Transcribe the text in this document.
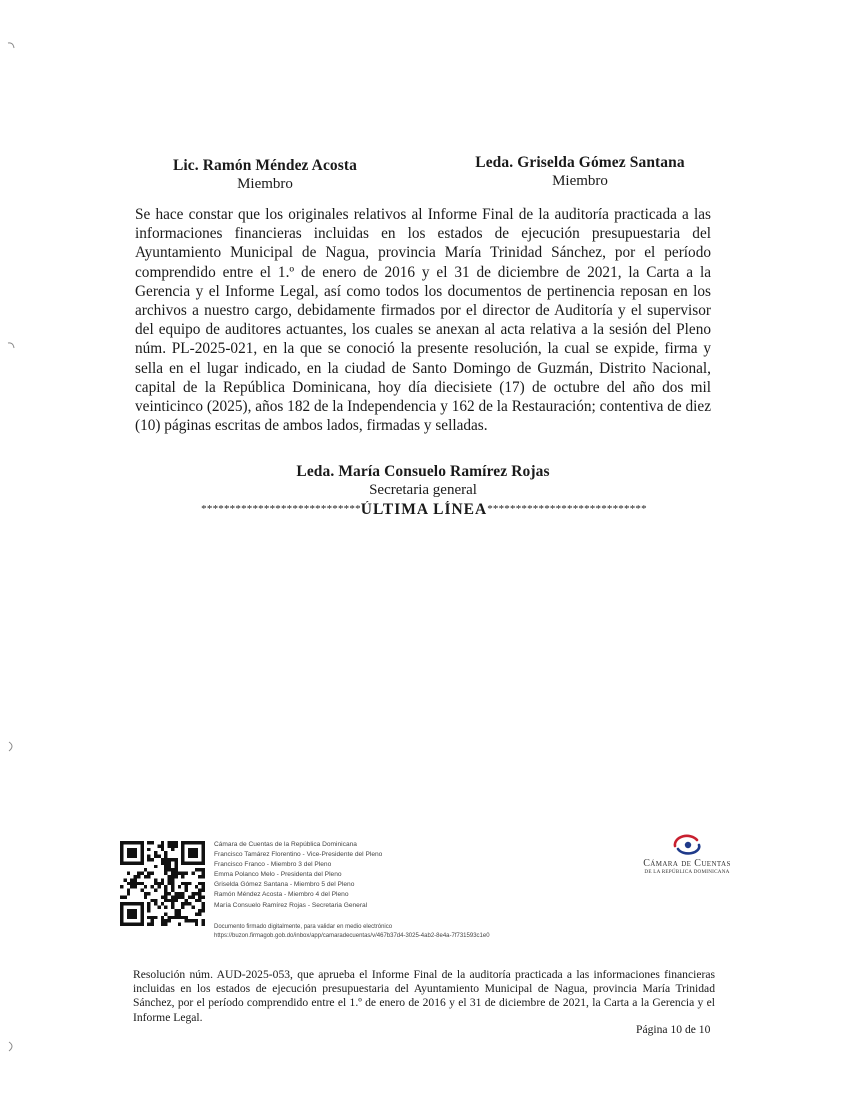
Lic. Ramón Méndez Acosta
Miembro
Leda. Griselda Gómez Santana
Miembro

Se hace constar que los originales relativos al Informe Final de la auditoría practicada a las informaciones financieras incluidas en los estados de ejecución presupuestaria del Ayuntamiento Municipal de Nagua, provincia María Trinidad Sánchez, por el período comprendido entre el 1.º de enero de 2016 y el 31 de diciembre de 2021, la Carta a la Gerencia y el Informe Legal, así como todos los documentos de pertinencia reposan en los archivos a nuestro cargo, debidamente firmados por el director de Auditoría y el supervisor del equipo de auditores actuantes, los cuales se anexan al acta relativa a la sesión del Pleno núm. PL-2025-021, en la que se conoció la presente resolución, la cual se expide, firma y sella en el lugar indicado, en la ciudad de Santo Domingo de Guzmán, Distrito Nacional, capital de la República Dominicana, hoy día diecisiete (17) de octubre del año dos mil veinticinco (2025), años 182 de la Independencia y 162 de la Restauración; contentiva de diez (10) páginas escritas de ambos lados, firmadas y selladas.

Leda. María Consuelo Ramírez Rojas
Secretaria general
****************************ÚLTIMA LÍNEA****************************
Cámara de Cuentas de la República Dominicana
Francisco Tamárez Florentino - Vice-Presidente del Pleno
Francisco Franco - Miembro 3 del Pleno
Emma Polanco Melo - Presidenta del Pleno
Griselda Gómez Santana - Miembro 5 del Pleno
Ramón Méndez Acosta - Miembro 4 del Pleno
María Consuelo Ramírez Rojas - Secretaria General
Documento firmado digitalmente, para validar en medio electrónico
https://buzon.firmagob.gob.do/inbox/app/camaradecuentas/v/467b37d4-3025-4ab2-8e4a-7f731593c1e0
Cámara de Cuentas
DE LA REPÚBLICA DOMINICANA

Resolución núm. AUD-2025-053, que aprueba el Informe Final de la auditoría practicada a las informaciones financieras incluidas en los estados de ejecución presupuestaria del Ayuntamiento Municipal de Nagua, provincia María Trinidad Sánchez, por el período comprendido entre el 1.º de enero de 2016 y el 31 de diciembre de 2021, la Carta a la Gerencia y el Informe Legal.

Página 10 de 10
